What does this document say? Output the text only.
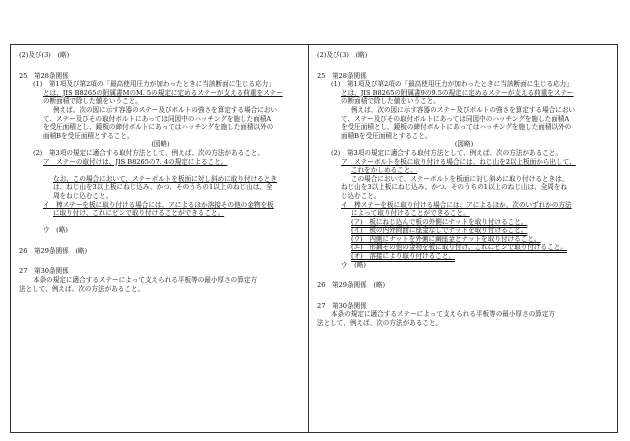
(2)及び(3)　(略)
25　第28条関係
(1)　第1項及び第2項の「最高使用圧力が加わったときに当該断面に生じる応力」
とは、JIS B8265の附属書MのM. 5の規定に定めるステーが支える荷重をステー
の断面積で除した値をいうこと。
例えば、次の図に示す容器のステー及びボルトの強さを算定する場合におい
て、ステー及びその取付ボルトにあっては同図中のハッチングを施した面積A
を受圧面積とし、鏡板の締付ボルトにあってはハッチングを施した面積以外の
面積Bを受圧面積とすること。
(図略)
(2)　第3項の規定に適合する取付方法として、例えば、次の方法があること。
ア　ステーの取付けは、JIS B8265の7. 4の規定によること。
なお、この場合において、ステーボルトを板面に対し斜めに取り付けるとき
は、ねじ山を3以上板にねじ込み、かつ、そのうちの1以上のねじ山は、全
周をねじ込むこと。
イ　棒ステーを板に取り付ける場合には、アによるほか溶接その他の金物を板
に取り付け、これにピンで取り付けることができること。
ウ　(略)
26　第29条関係　(略)
27　第30条関係
本条の規定に適合するステーによって支えられる平板等の最小厚さの算定方
法として、例えば、次の方法があること。
(2)及び(3)　(略)
25　第28条関係
(1)　第1項及び第2項の「最高使用圧力が加わったときに当該断面に生じる応力」
とは、JIS B8265の附属書9の9.5の規定に定めるステーが支える荷重をステー
の断面積で除した値をいうこと。
例えば、次の図に示す容器のステー及びボルトの強さを算定する場合におい
て、ステー及びその取付ボルトにあっては同図中のハッチングを施した面積A
を受圧面積とし、鏡板の締付ボルトにあってはハッチングを施した面積以外の
面積Bを受圧面積とすること。
(図略)
(2)　第3項の規定に適合する取付方法として、例えば、次の方法があること。
ア　ステーボルトを板に取り付ける場合には、ねじ山を2以上板面から出して、
これをかしめること。
この場合において、ステーボルトを板面に対し斜めに取り付けるときは、
ねじ山を3以上板にねじ込み、かつ、そのうちの1以上のねじ山は、全周をね
じ込むこと。
イ　棒ステーを板に取り付ける場合には、アによるほか、次のいずれかの方法
によって取り付けることができること。
(ア)　板にねじ込んで板の外側にナットを取り付けること。
(イ)　板の内外両面に座金なしでナットを取り付けること。
(ウ)　内側にナットを外側に鋼座金とナットを取り付けること。
(エ)　形鋼その他の金物を板に取り付け、これにピンで取り付けること。
(オ)　溶接により取り付けること。
ウ　(略)
26　第29条関係　(略)
27　第30条関係
本条の規定に適合するステーによって支えられる平板等の最小厚さの算定方
法として、例えば、次の方法があること。
